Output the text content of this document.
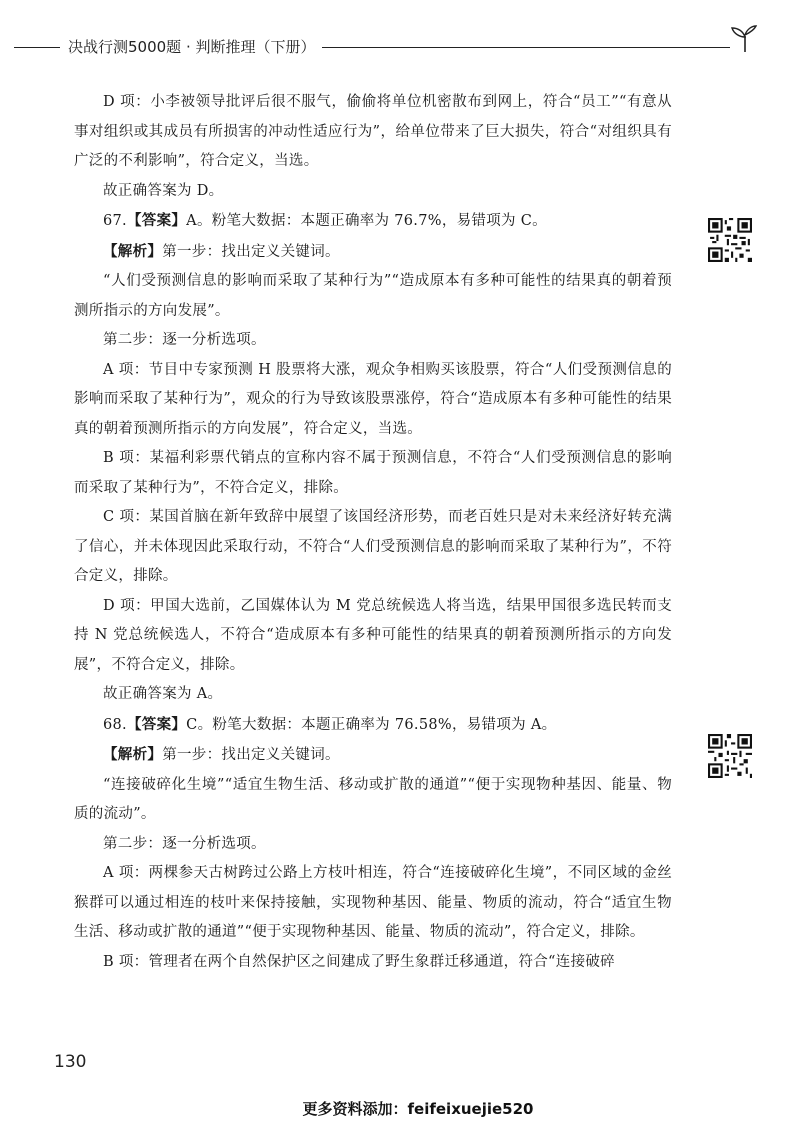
决战行测5000题 · 判断推理（下册）

D 项：小李被领导批评后很不服气，偷偷将单位机密散布到网上，符合“员工”“有意从事对组织或其成员有所损害的冲动性适应行为”，给单位带来了巨大损失，符合“对组织具有广泛的不利影响”，符合定义，当选。

故正确答案为 D。

67.【答案】A。粉笔大数据：本题正确率为 76.7%，易错项为 C。

【解析】第一步：找出定义关键词。

“人们受预测信息的影响而采取了某种行为”“造成原本有多种可能性的结果真的朝着预测所指示的方向发展”。

第二步：逐一分析选项。

A 项：节目中专家预测 H 股票将大涨，观众争相购买该股票，符合“人们受预测信息的影响而采取了某种行为”，观众的行为导致该股票涨停，符合“造成原本有多种可能性的结果真的朝着预测所指示的方向发展”，符合定义，当选。

B 项：某福利彩票代销点的宣称内容不属于预测信息，不符合“人们受预测信息的影响而采取了某种行为”，不符合定义，排除。

C 项：某国首脑在新年致辞中展望了该国经济形势，而老百姓只是对未来经济好转充满了信心，并未体现因此采取行动，不符合“人们受预测信息的影响而采取了某种行为”，不符合定义，排除。

D 项：甲国大选前，乙国媒体认为 M 党总统候选人将当选，结果甲国很多选民转而支持 N 党总统候选人，不符合“造成原本有多种可能性的结果真的朝着预测所指示的方向发展”，不符合定义，排除。

故正确答案为 A。

68.【答案】C。粉笔大数据：本题正确率为 76.58%，易错项为 A。

【解析】第一步：找出定义关键词。

“连接破碎化生境”“适宜生物生活、移动或扩散的通道”“便于实现物种基因、能量、物质的流动”。

第二步：逐一分析选项。

A 项：两棵参天古树跨过公路上方枝叶相连，符合“连接破碎化生境”，不同区域的金丝猴群可以通过相连的枝叶来保持接触，实现物种基因、能量、物质的流动，符合“适宜生物生活、移动或扩散的通道”“便于实现物种基因、能量、物质的流动”，符合定义，排除。

B 项：管理者在两个自然保护区之间建成了野生象群迁移通道，符合“连接破碎

130
更多资料添加：feifeixuejie520
